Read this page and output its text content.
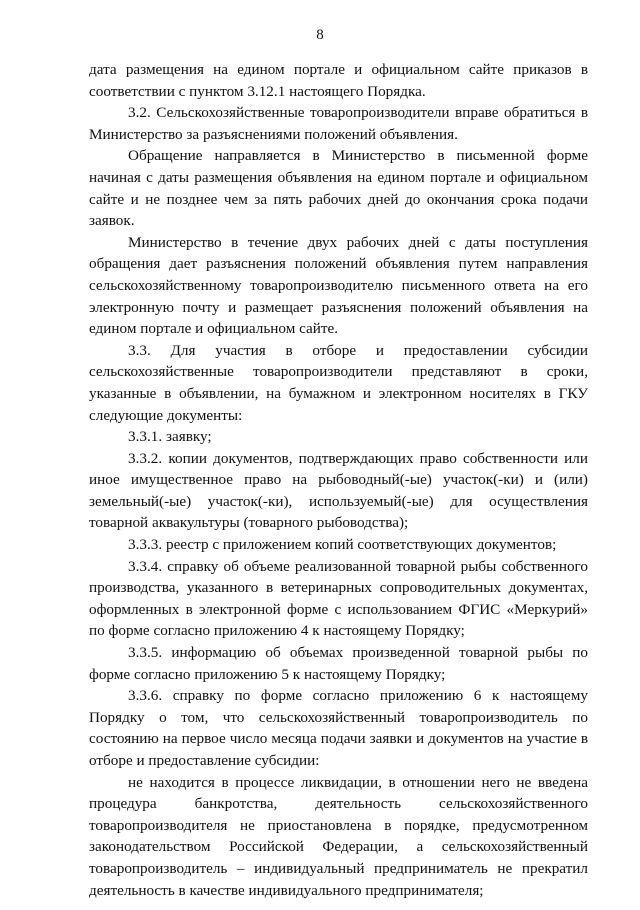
8

дата размещения на едином портале и официальном сайте приказов в соответствии с пунктом 3.12.1 настоящего Порядка.

3.2. Сельскохозяйственные товаропроизводители вправе обратиться в Министерство за разъяснениями положений объявления.

Обращение направляется в Министерство в письменной форме начиная с даты размещения объявления на едином портале и официальном сайте и не позднее чем за пять рабочих дней до окончания срока подачи заявок.

Министерство в течение двух рабочих дней с даты поступления обращения дает разъяснения положений объявления путем направления сельскохозяйственному товаропроизводителю письменного ответа на его электронную почту и размещает разъяснения положений объявления на едином портале и официальном сайте.

3.3. Для участия в отборе и предоставлении субсидии сельскохозяйственные товаропроизводители представляют в сроки, указанные в объявлении, на бумажном и электронном носителях в ГКУ следующие документы:

3.3.1. заявку;

3.3.2. копии документов, подтверждающих право собственности или иное имущественное право на рыбоводный(-ые) участок(-ки) и (или) земельный(-ые) участок(-ки), используемый(-ые) для осуществления товарной аквакультуры (товарного рыбоводства);

3.3.3. реестр с приложением копий соответствующих документов;

3.3.4. справку об объеме реализованной товарной рыбы собственного производства, указанного в ветеринарных сопроводительных документах, оформленных в электронной форме с использованием ФГИС «Меркурий» по форме согласно приложению 4 к настоящему Порядку;

3.3.5. информацию об объемах произведенной товарной рыбы по форме согласно приложению 5 к настоящему Порядку;

3.3.6. справку по форме согласно приложению 6 к настоящему Порядку о том, что сельскохозяйственный товаропроизводитель по состоянию на первое число месяца подачи заявки и документов на участие в отборе и предоставление субсидии:

не находится в процессе ликвидации, в отношении него не введена процедура банкротства, деятельность сельскохозяйственного товаропроизводителя не приостановлена в порядке, предусмотренном законодательством Российской Федерации, а сельскохозяйственный товаропроизводитель – индивидуальный предприниматель не прекратил деятельность в качестве индивидуального предпринимателя;
